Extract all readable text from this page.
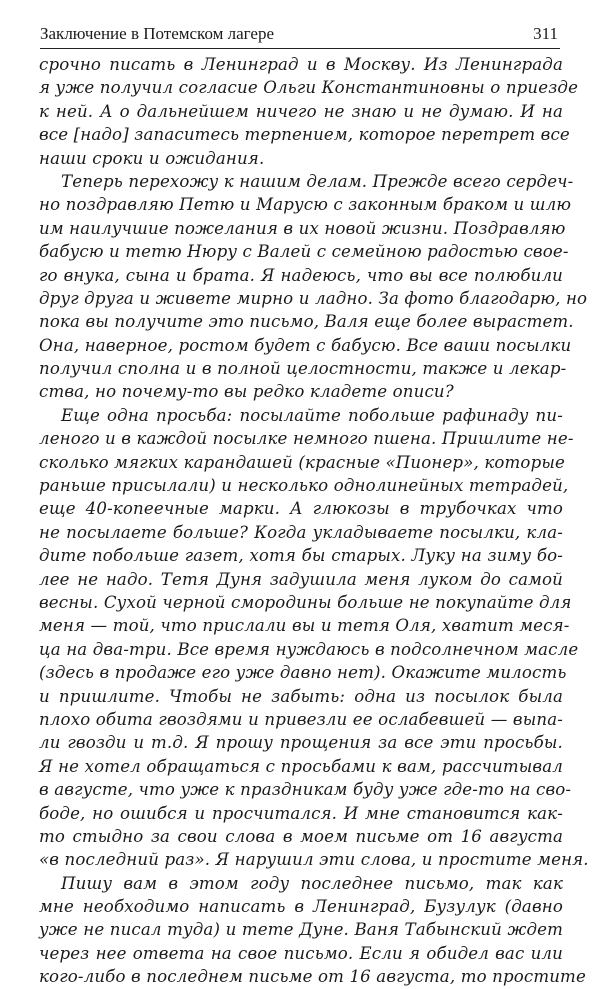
Заключение в Потемском лагере	311
срочно писать в Ленинград и в Москву. Из Ленинграда
я уже получил согласие Ольги Константиновны о приезде
к ней. А о дальнейшем ничего не знаю и не думаю. И на
все [надо] запаситесь терпением, которое перетрет все
наши сроки и ожидания.
Теперь перехожу к нашим делам. Прежде всего сердеч-
но поздравляю Петю и Марусю с законным браком и шлю
им наилучшие пожелания в их новой жизни. Поздравляю
бабусю и тетю Нюру с Валей с семейною радостью свое-
го внука, сына и брата. Я надеюсь, что вы все полюбили
друг друга и живете мирно и ладно. За фото благодарю, но
пока вы получите это письмо, Валя еще более вырастет.
Она, наверное, ростом будет с бабусю. Все ваши посылки
получил сполна и в полной целостности, также и лекар-
ства, но почему-то вы редко кладете описи?
Еще одна просьба: посылайте побольше рафинаду пи-
леного и в каждой посылке немного пшена. Пришлите не-
сколько мягких карандашей (красные «Пионер», которые
раньше присылали) и несколько однолинейных тетрадей,
еще 40-копеечные марки. А глюкозы в трубочках что
не посылаете больше? Когда укладываете посылки, кла-
дите побольше газет, хотя бы старых. Луку на зиму бо-
лее не надо. Тетя Дуня задушила меня луком до самой
весны. Сухой черной смородины больше не покупайте для
меня — той, что прислали вы и тетя Оля, хватит меся-
ца на два-три. Все время нуждаюсь в подсолнечном масле
(здесь в продаже его уже давно нет). Окажите милость
и пришлите. Чтобы не забыть: одна из посылок была
плохо обита гвоздями и привезли ее ослабевшей — выпа-
ли гвозди и т.д. Я прошу прощения за все эти просьбы.
Я не хотел обращаться с просьбами к вам, рассчитывал
в августе, что уже к праздникам буду уже где-то на сво-
боде, но ошибся и просчитался. И мне становится как-
то стыдно за свои слова в моем письме от 16 августа
«в последний раз». Я нарушил эти слова, и простите меня.
Пишу вам в этом году последнее письмо, так как
мне необходимо написать в Ленинград, Бузулук (давно
уже не писал туда) и тете Дуне. Ваня Табынский ждет
через нее ответа на свое письмо. Если я обидел вас или
кого-либо в последнем письме от 16 августа, то простите
